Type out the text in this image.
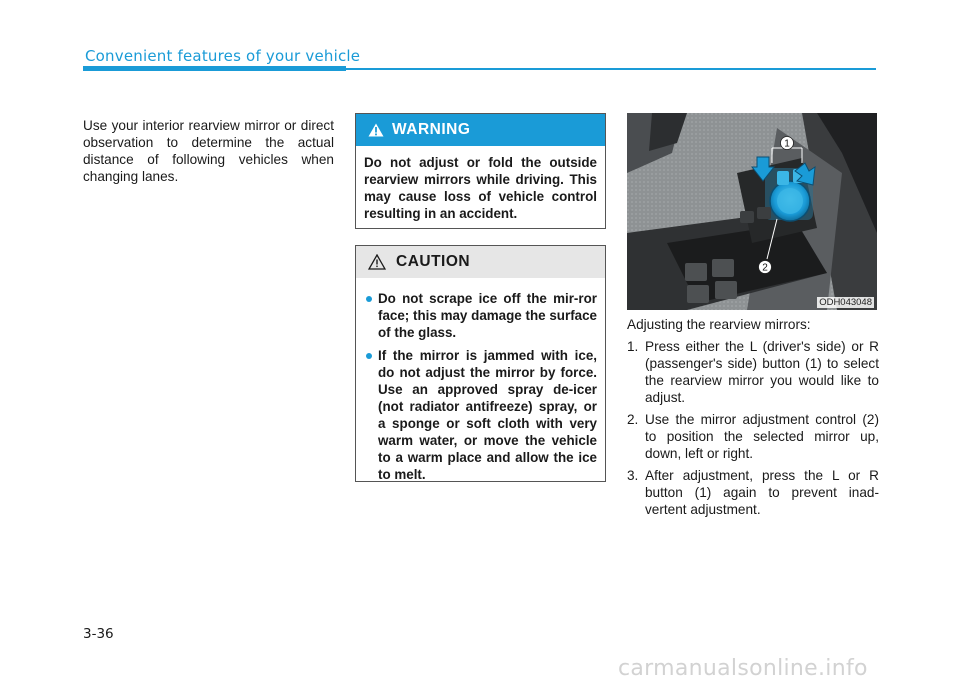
Convenient features of your vehicle

Use your interior rearview mirror or direct observation to determine the actual distance of following vehicles when changing lanes.

WARNING
Do not adjust or fold the outside rearview mirrors while driving. This may cause loss of vehicle control resulting in an accident.
CAUTION
Do not scrape ice off the mir-ror face; this may damage the surface of the glass.
If the mirror is jammed with ice, do not adjust the mirror by force. Use an approved spray de-icer (not radiator antifreeze) spray, or a sponge or soft cloth with very warm water, or move the vehicle to a warm place and allow the ice to melt.
1
2
ODH043048

Adjusting the rearview mirrors:

1. Press either the L (driver's side) or R (passenger's side) button (1) to select the rearview mirror you would like to adjust.
2. Use the mirror adjustment control (2) to position the selected mirror up, down, left or right.
3. After adjustment, press the L or R button (1) again to prevent inad-vertent adjustment.
3-36
carmanualsonline.info
